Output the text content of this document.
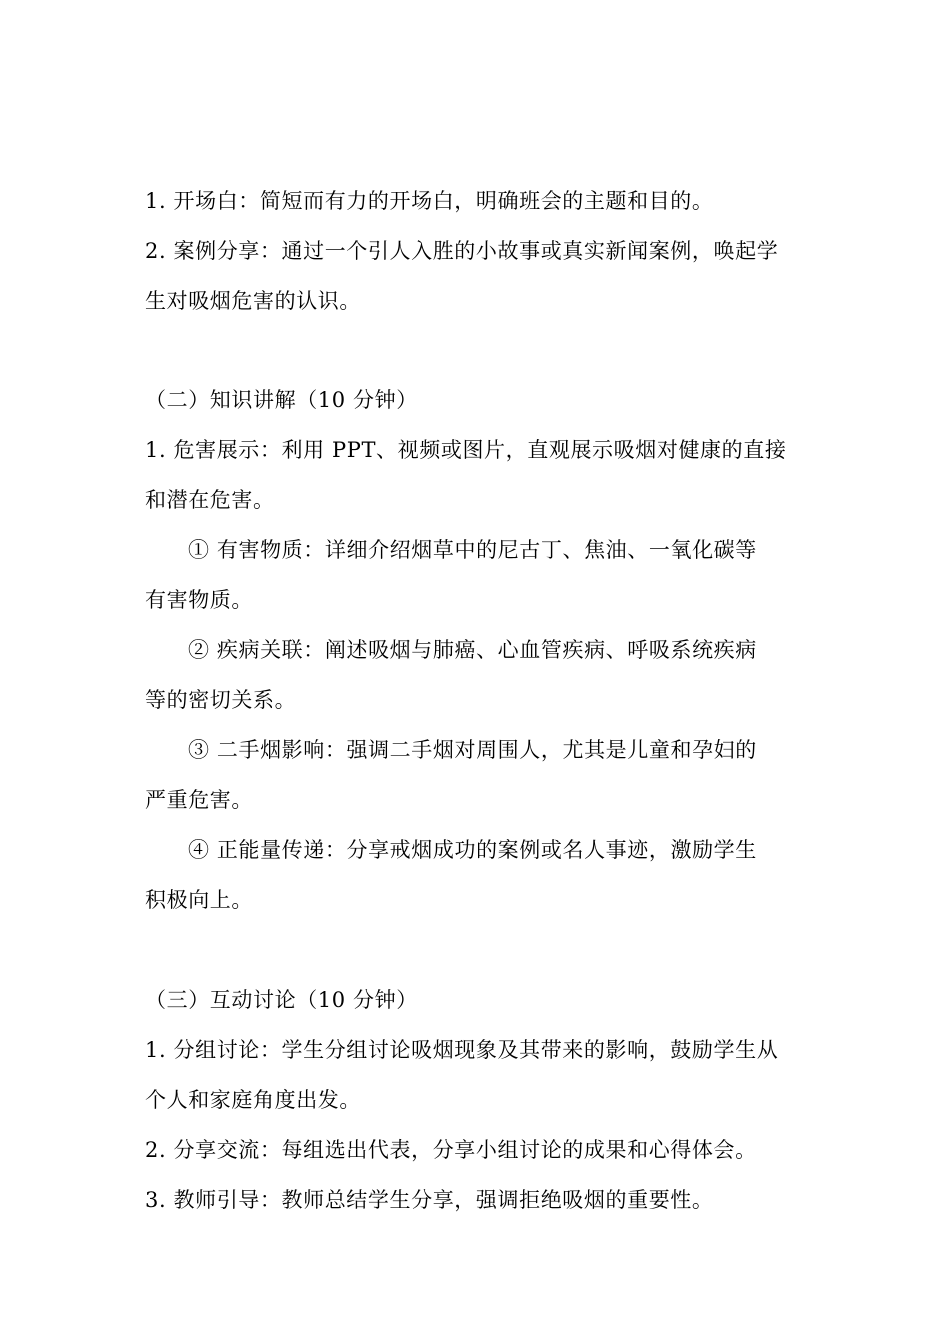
1. 开场白：简短而有力的开场白，明确班会的主题和目的。
2. 案例分享：通过一个引人入胜的小故事或真实新闻案例，唤起学
生对吸烟危害的认识。
（二）知识讲解（10 分钟）
1. 危害展示：利用 PPT、视频或图片，直观展示吸烟对健康的直接
和潜在危害。
① 有害物质：详细介绍烟草中的尼古丁、焦油、一氧化碳等
有害物质。
② 疾病关联：阐述吸烟与肺癌、心血管疾病、呼吸系统疾病
等的密切关系。
③ 二手烟影响：强调二手烟对周围人，尤其是儿童和孕妇的
严重危害。
④ 正能量传递：分享戒烟成功的案例或名人事迹，激励学生
积极向上。
（三）互动讨论（10 分钟）
1. 分组讨论：学生分组讨论吸烟现象及其带来的影响，鼓励学生从
个人和家庭角度出发。
2. 分享交流：每组选出代表，分享小组讨论的成果和心得体会。
3. 教师引导：教师总结学生分享，强调拒绝吸烟的重要性。
